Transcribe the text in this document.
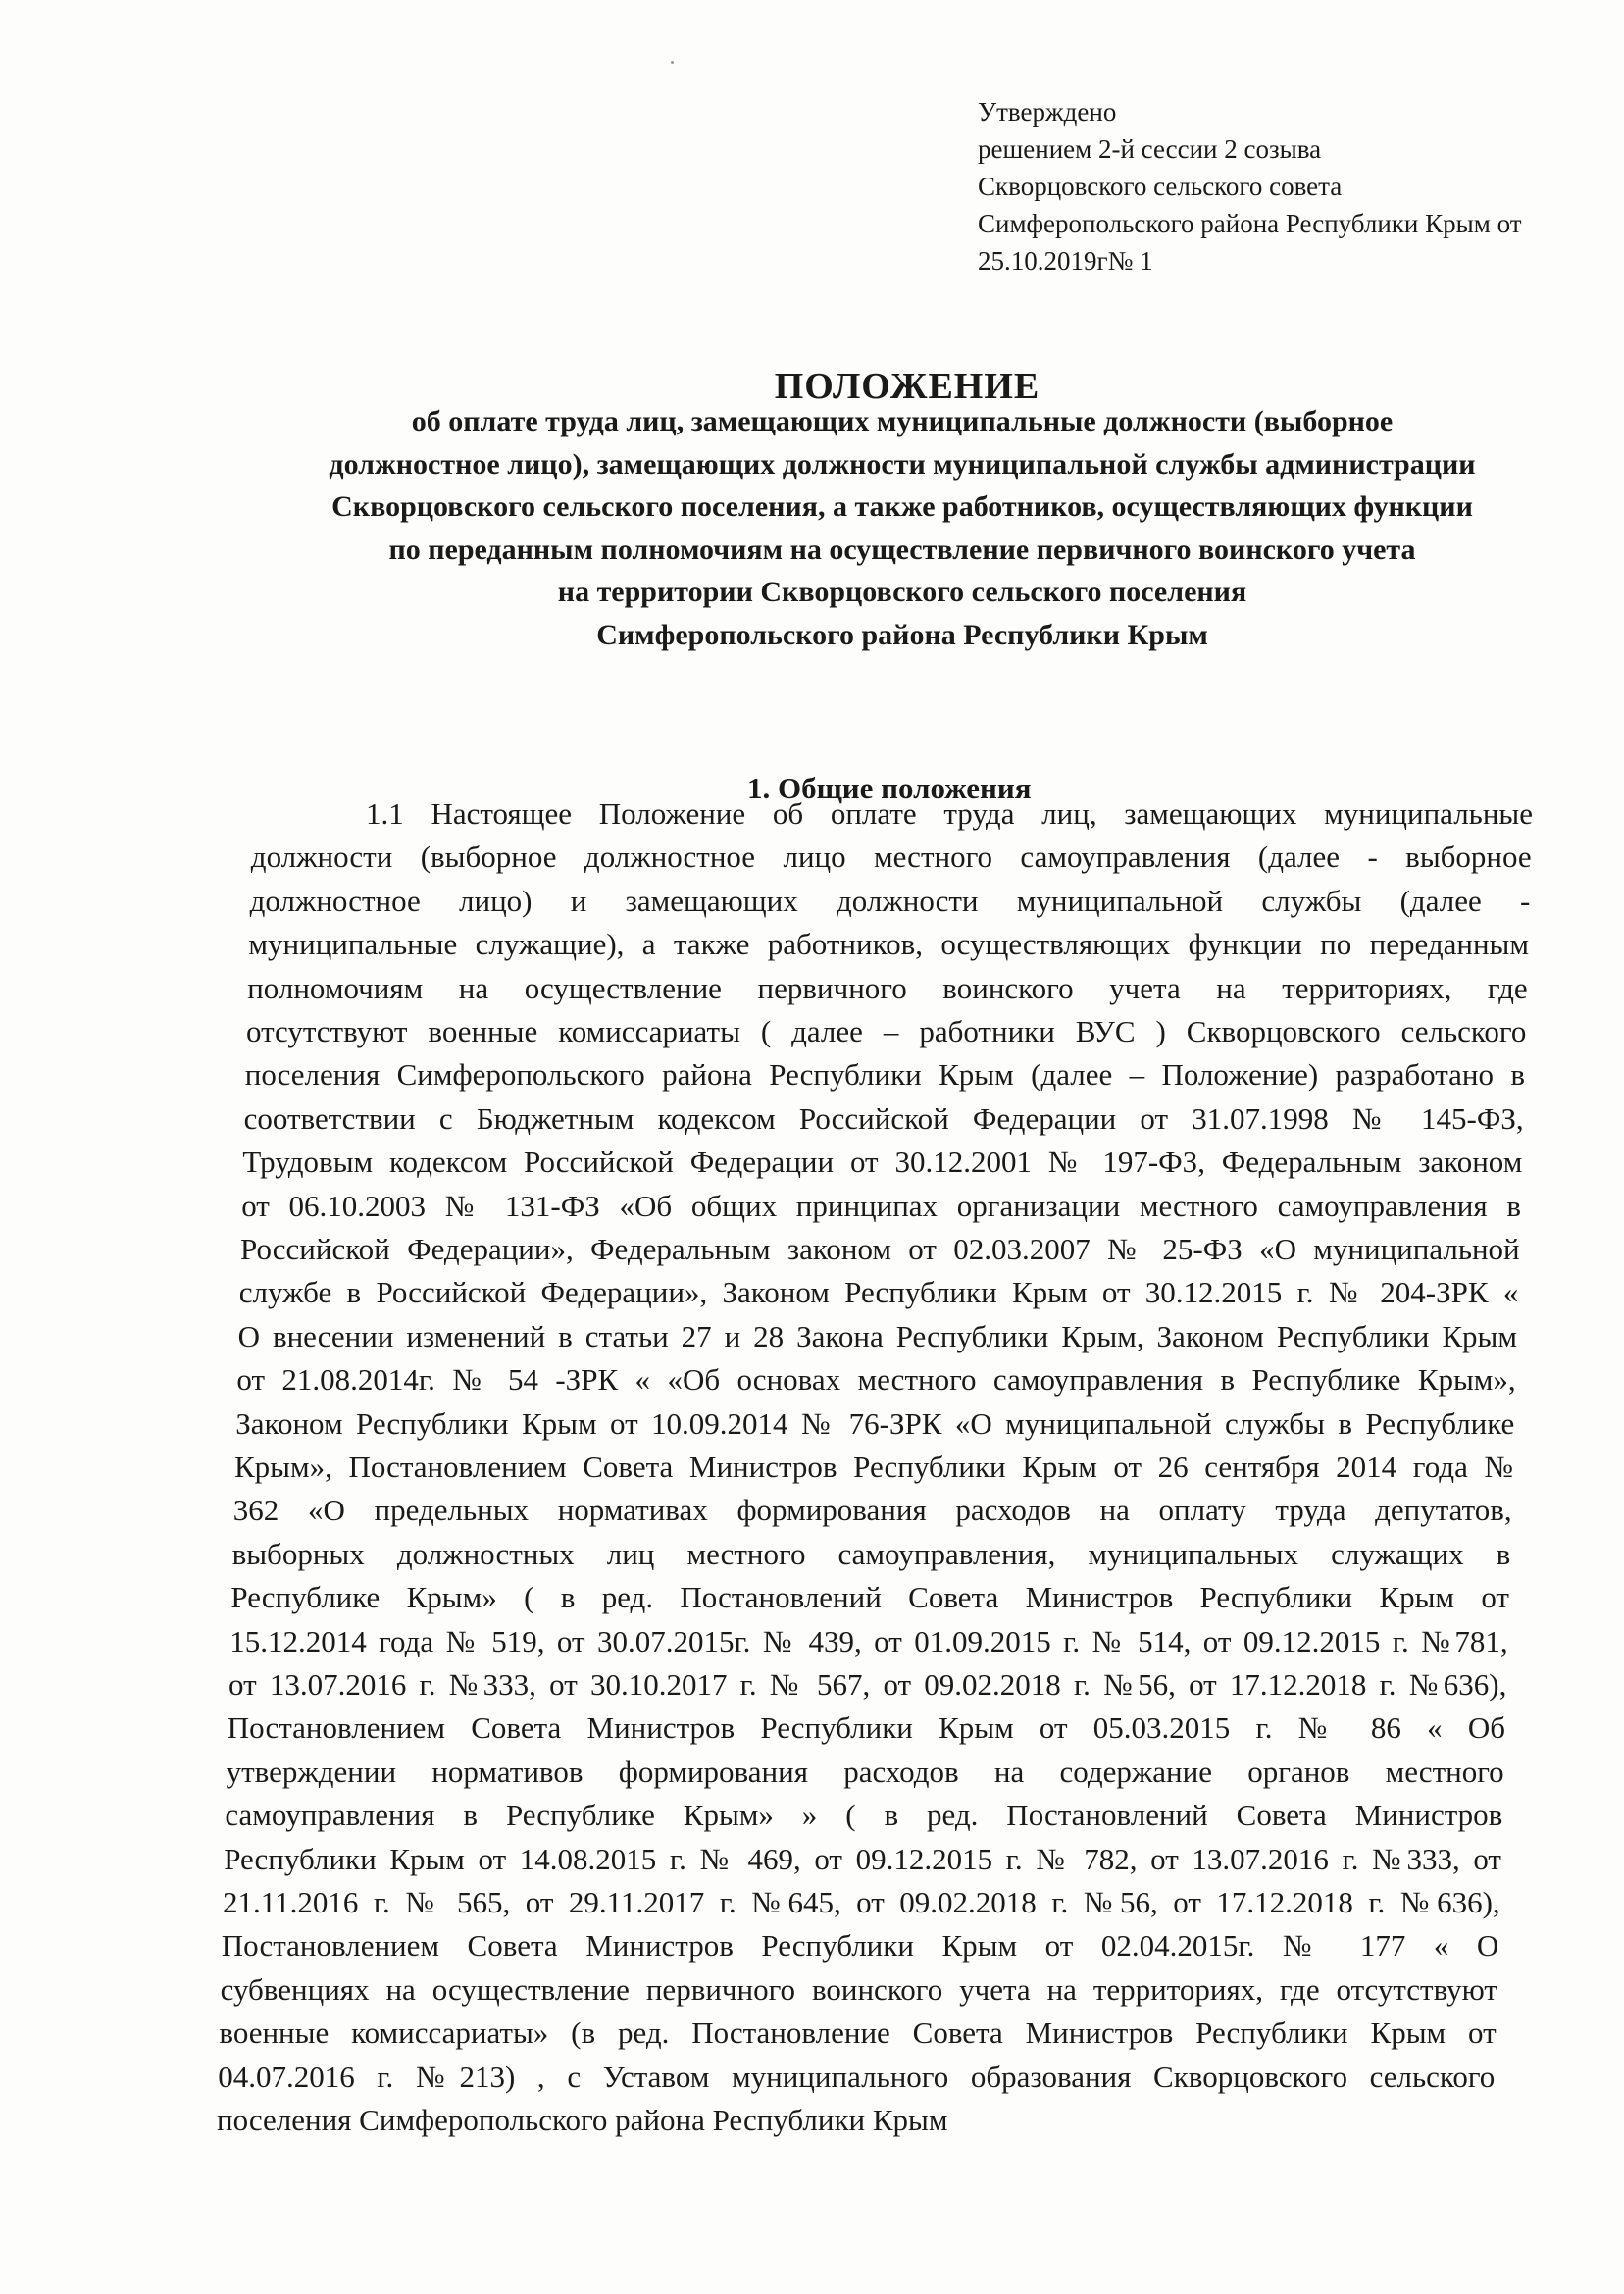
Утверждено
решением 2-й сессии 2 созыва
Скворцовского сельского совета
Симферопольского района Республики Крым от
25.10.2019г№ 1
ПОЛОЖЕНИЕ
об оплате труда лиц, замещающих муниципальные должности (выборное
должностное лицо), замещающих должности муниципальной службы администрации
Скворцовского сельского поселения, а также работников, осуществляющих функции
по переданным полномочиям на осуществление первичного воинского учета
на территории Скворцовского сельского поселения
Симферопольского района Республики Крым
1. Общие положения
1.1 Настоящее Положение об оплате труда лиц, замещающих муниципальные
должности (выборное должностное лицо местного самоуправления (далее - выборное
должностное лицо) и замещающих должности муниципальной службы (далее -
муниципальные служащие), а также работников, осуществляющих функции по переданным
полномочиям на осуществление первичного воинского учета на территориях, где
отсутствуют военные комиссариаты ( далее – работники ВУС ) Скворцовского сельского
поселения Симферопольского района Республики Крым (далее – Положение) разработано в
соответствии с Бюджетным кодексом Российской Федерации от 31.07.1998 № 145-ФЗ,
Трудовым кодексом Российской Федерации от 30.12.2001 № 197-ФЗ, Федеральным законом
от 06.10.2003 № 131-ФЗ «Об общих принципах организации местного самоуправления в
Российской Федерации», Федеральным законом от 02.03.2007 № 25-ФЗ «О муниципальной
службе в Российской Федерации», Законом Республики Крым от 30.12.2015 г. № 204-ЗРК «
О внесении изменений в статьи 27 и 28 Закона Республики Крым, Законом Республики Крым
от 21.08.2014г. № 54 -ЗРК « «Об основах местного самоуправления в Республике Крым»,
Законом Республики Крым от 10.09.2014 № 76-ЗРК «О муниципальной службы в Республике
Крым», Постановлением Совета Министров Республики Крым от 26 сентября 2014 года №
362 «О предельных нормативах формирования расходов на оплату труда депутатов,
выборных должностных лиц местного самоуправления, муниципальных служащих в
Республике Крым» ( в ред. Постановлений Совета Министров Республики Крым от
15.12.2014 года № 519, от 30.07.2015г. № 439, от 01.09.2015 г. № 514, от 09.12.2015 г. №781,
от 13.07.2016 г. №333, от 30.10.2017 г. № 567, от 09.02.2018 г. №56, от 17.12.2018 г. №636),
Постановлением Совета Министров Республики Крым от 05.03.2015 г. № 86 « Об
утверждении нормативов формирования расходов на содержание органов местного
самоуправления в Республике Крым» » ( в ред. Постановлений Совета Министров
Республики Крым от 14.08.2015 г. № 469, от 09.12.2015 г. № 782, от 13.07.2016 г. №333, от
21.11.2016 г. № 565, от 29.11.2017 г. №645, от 09.02.2018 г. №56, от 17.12.2018 г. №636),
Постановлением Совета Министров Республики Крым от 02.04.2015г. № 177 « О
субвенциях на осуществление первичного воинского учета на территориях, где отсутствуют
военные комиссариаты» (в ред. Постановление Совета Министров Республики Крым от
04.07.2016 г. №213) , с Уставом муниципального образования Скворцовского сельского
поселения Симферопольского района Республики Крым
